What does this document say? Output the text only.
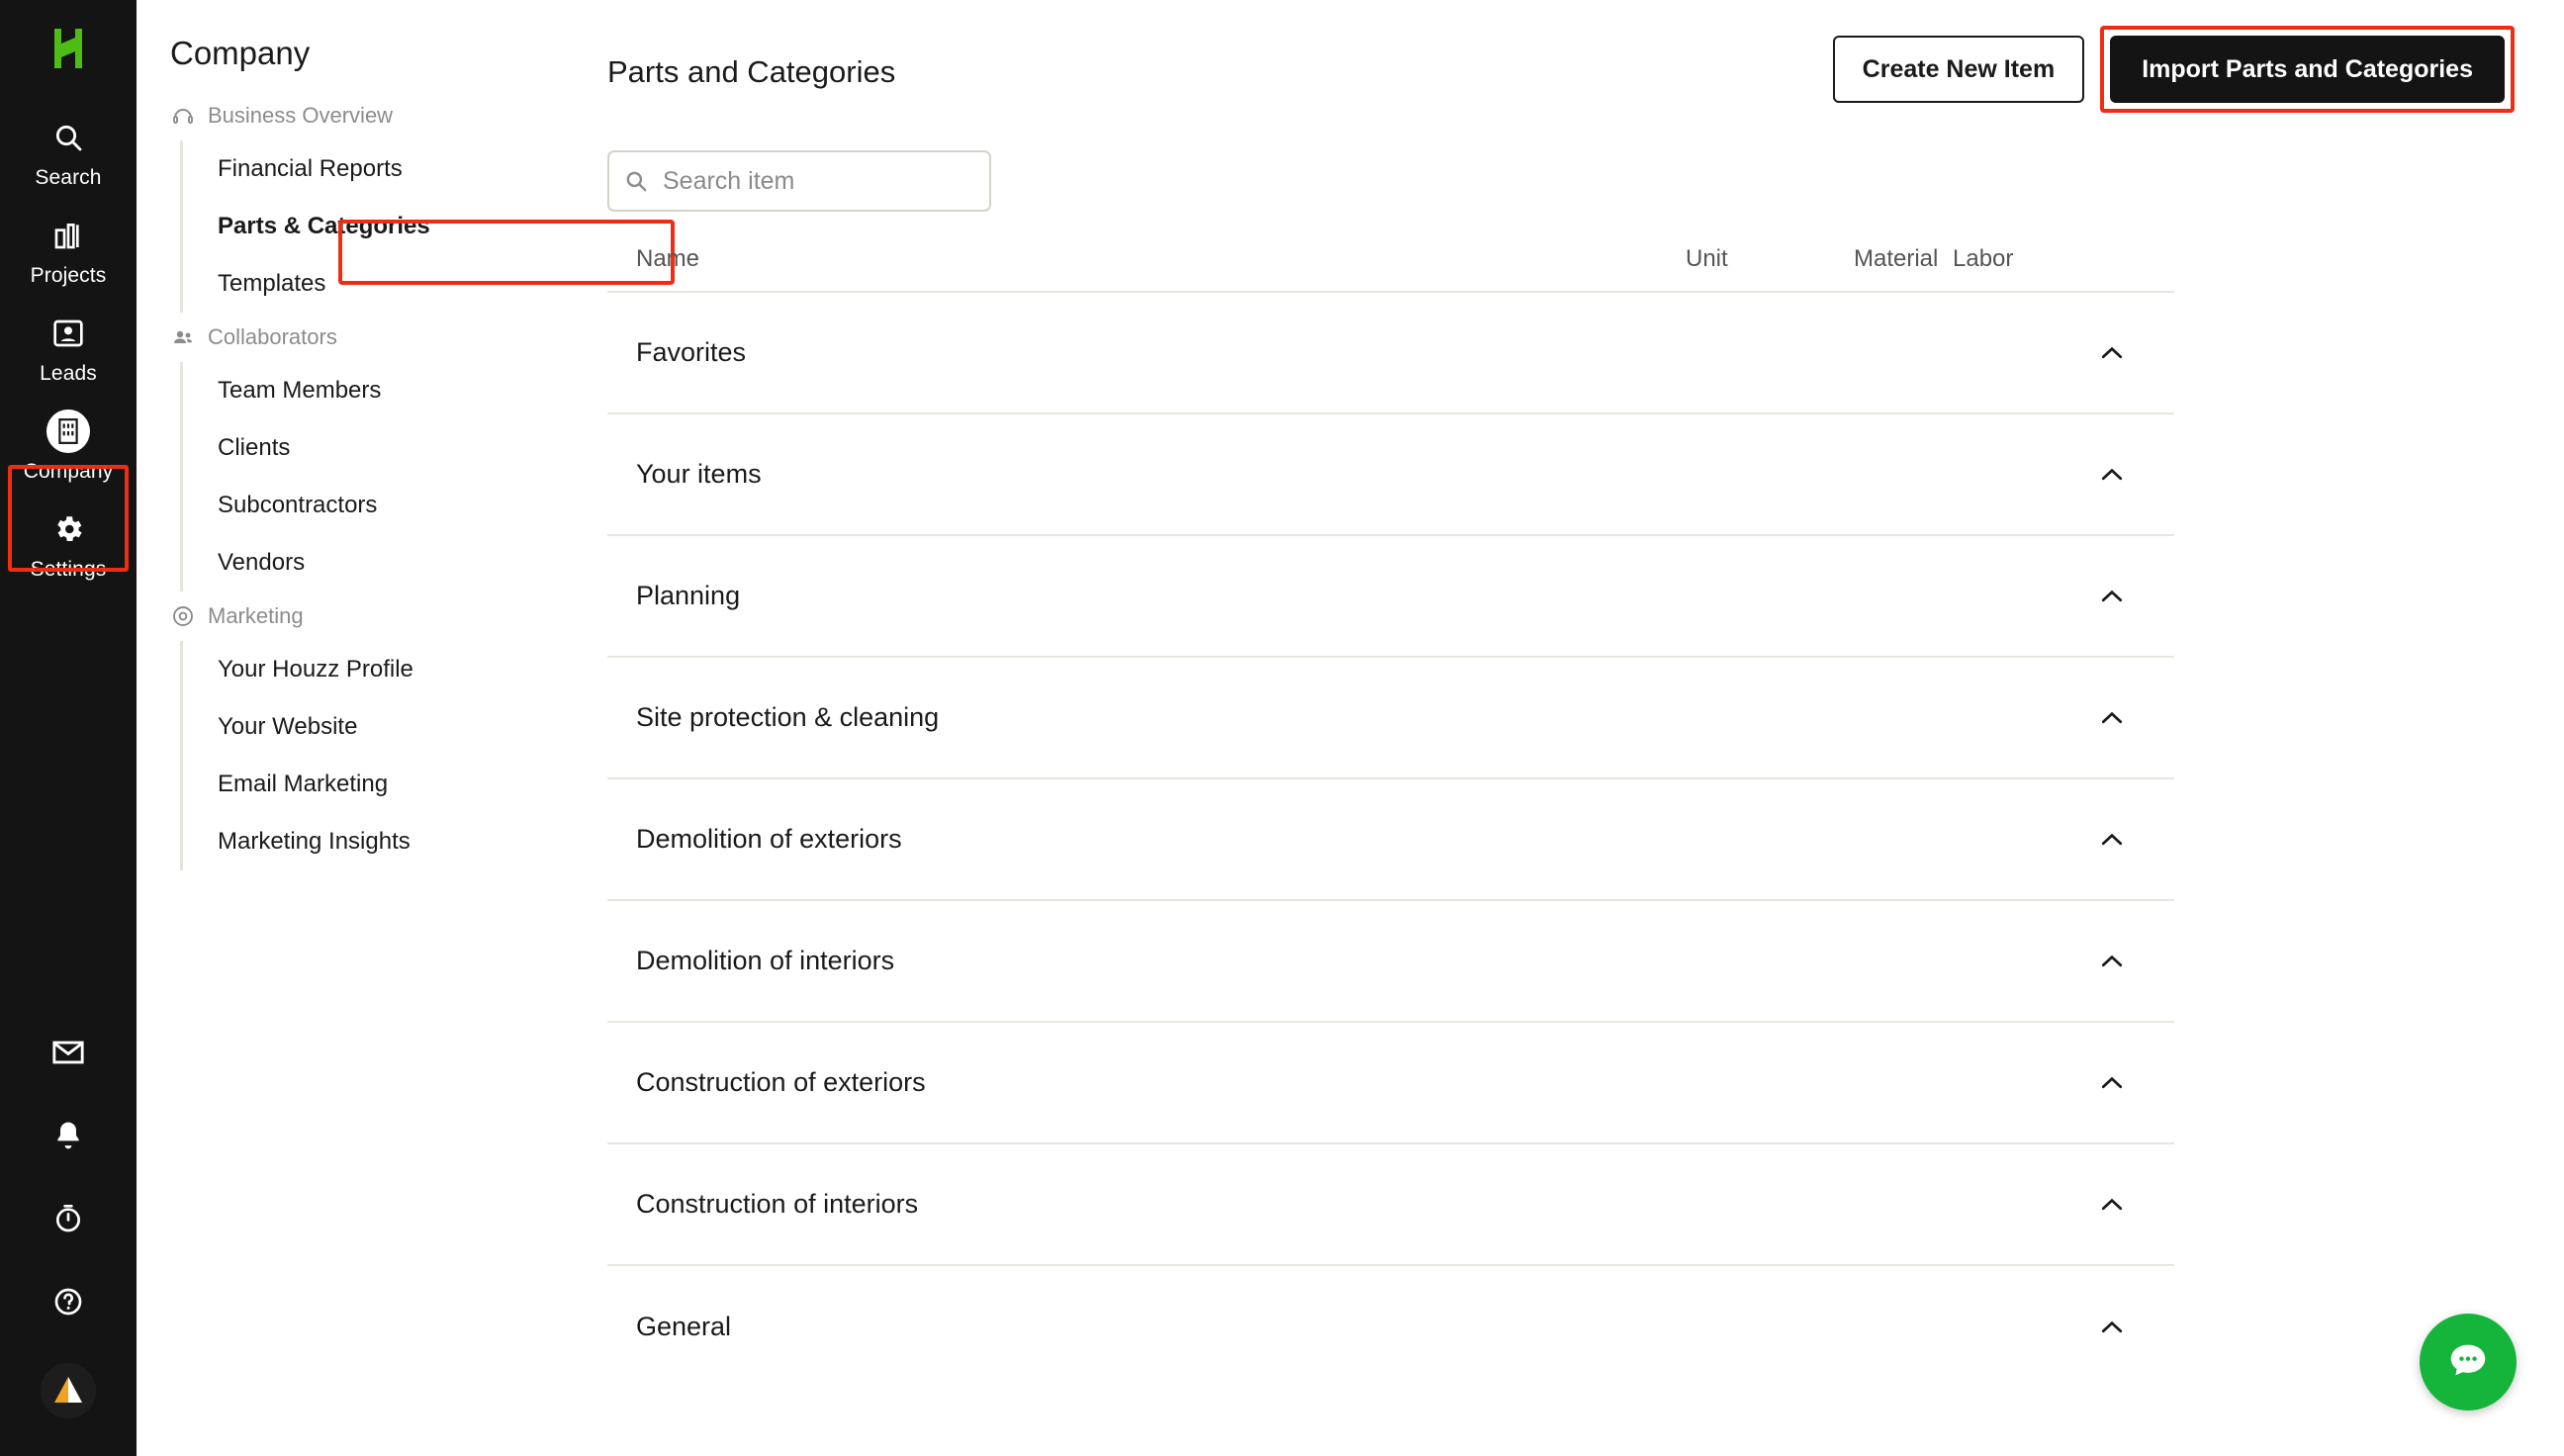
Search
Projects
Leads
Company
Settings
Company
Business Overview
Financial Reports
Parts & Categories
Templates
Collaborators
Team Members
Clients
Subcontractors
Vendors
Marketing
Your Houzz Profile
Your Website
Email Marketing
Marketing Insights
Parts and Categories	Create New Item	Import Parts and Categories
Search item
Name	Unit	Material Labor
Favorites
Your items
Planning
Site protection & cleaning
Demolition of exteriors
Demolition of interiors
Construction of exteriors
Construction of interiors
General
